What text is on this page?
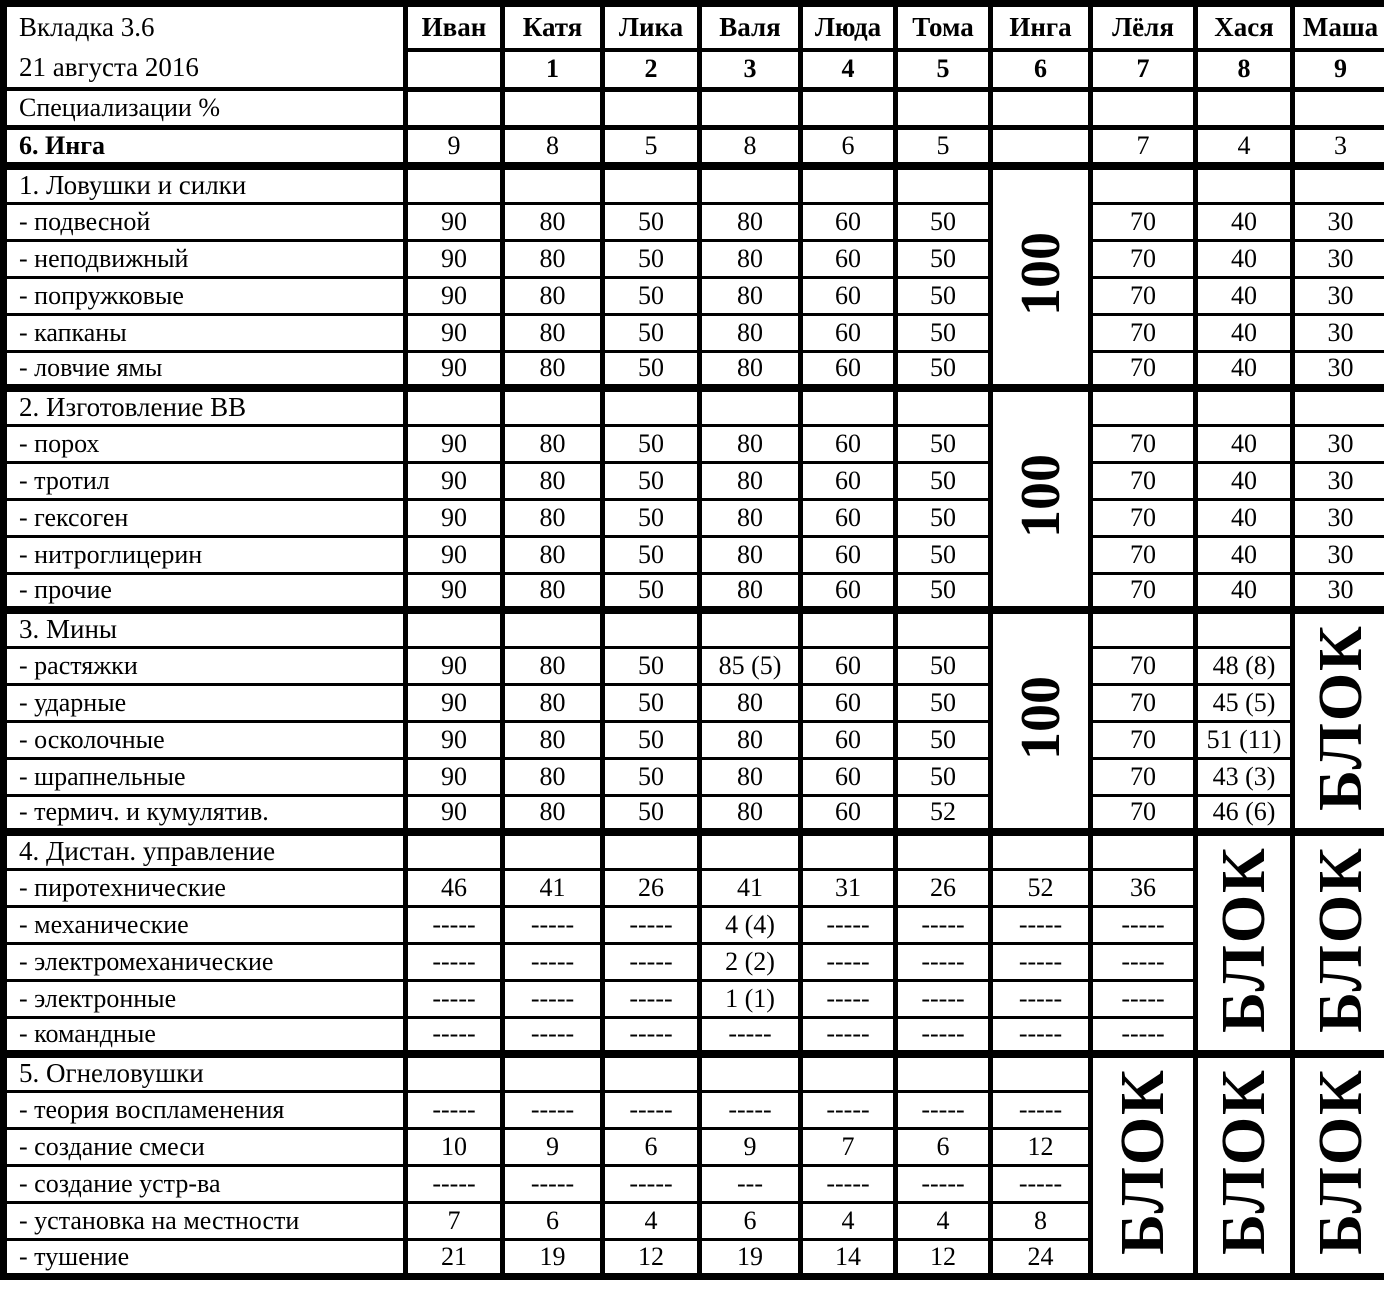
Вкладка 3.6
21 августа 2016	Иван	Катя	Лика	Валя	Люда	Тома	Инга	Лёля	Хася	Маша
		1	2	3	4	5	6	7	8	9
Специализации %										
6. Инга	9	8	5	8	6	5		7	4	3
1. Ловушки и силки							100			
- подвесной	90	80	50	80	60	50		70	40	30
- неподвижный	90	80	50	80	60	50		70	40	30
- попружковые	90	80	50	80	60	50		70	40	30
- капканы	90	80	50	80	60	50		70	40	30
- ловчие ямы	90	80	50	80	60	50		70	40	30
2. Изготовление ВВ							100			
- порох	90	80	50	80	60	50		70	40	30
- тротил	90	80	50	80	60	50		70	40	30
- гексоген	90	80	50	80	60	50		70	40	30
- нитроглицерин	90	80	50	80	60	50		70	40	30
- прочие	90	80	50	80	60	50		70	40	30
3. Мины							100			БЛОК
- растяжки	90	80	50	85 (5)	60	50		70	48 (8)	
- ударные	90	80	50	80	60	50		70	45 (5)	
- осколочные	90	80	50	80	60	50		70	51 (11)	
- шрапнельные	90	80	50	80	60	50		70	43 (3)	
- термич. и кумулятив.	90	80	50	80	60	52		70	46 (6)	
4. Дистан. управление									БЛОК	БЛОК
- пиротехнические	46	41	26	41	31	26	52	36		
- механические	-----	-----	-----	4 (4)	-----	-----	-----	-----		
- электромеханические	-----	-----	-----	2 (2)	-----	-----	-----	-----		
- электронные	-----	-----	-----	1 (1)	-----	-----	-----	-----		
- командные	-----	-----	-----	-----	-----	-----	-----	-----		
5. Огнеловушки								БЛОК	БЛОК	БЛОК
- теория воспламенения	-----	-----	-----	-----	-----	-----	-----			
- создание смеси	10	9	6	9	7	6	12			
- создание устр-ва	-----	-----	-----	---	-----	-----	-----			
- установка на местности	7	6	4	6	4	4	8			
- тушение	21	19	12	19	14	12	24			
